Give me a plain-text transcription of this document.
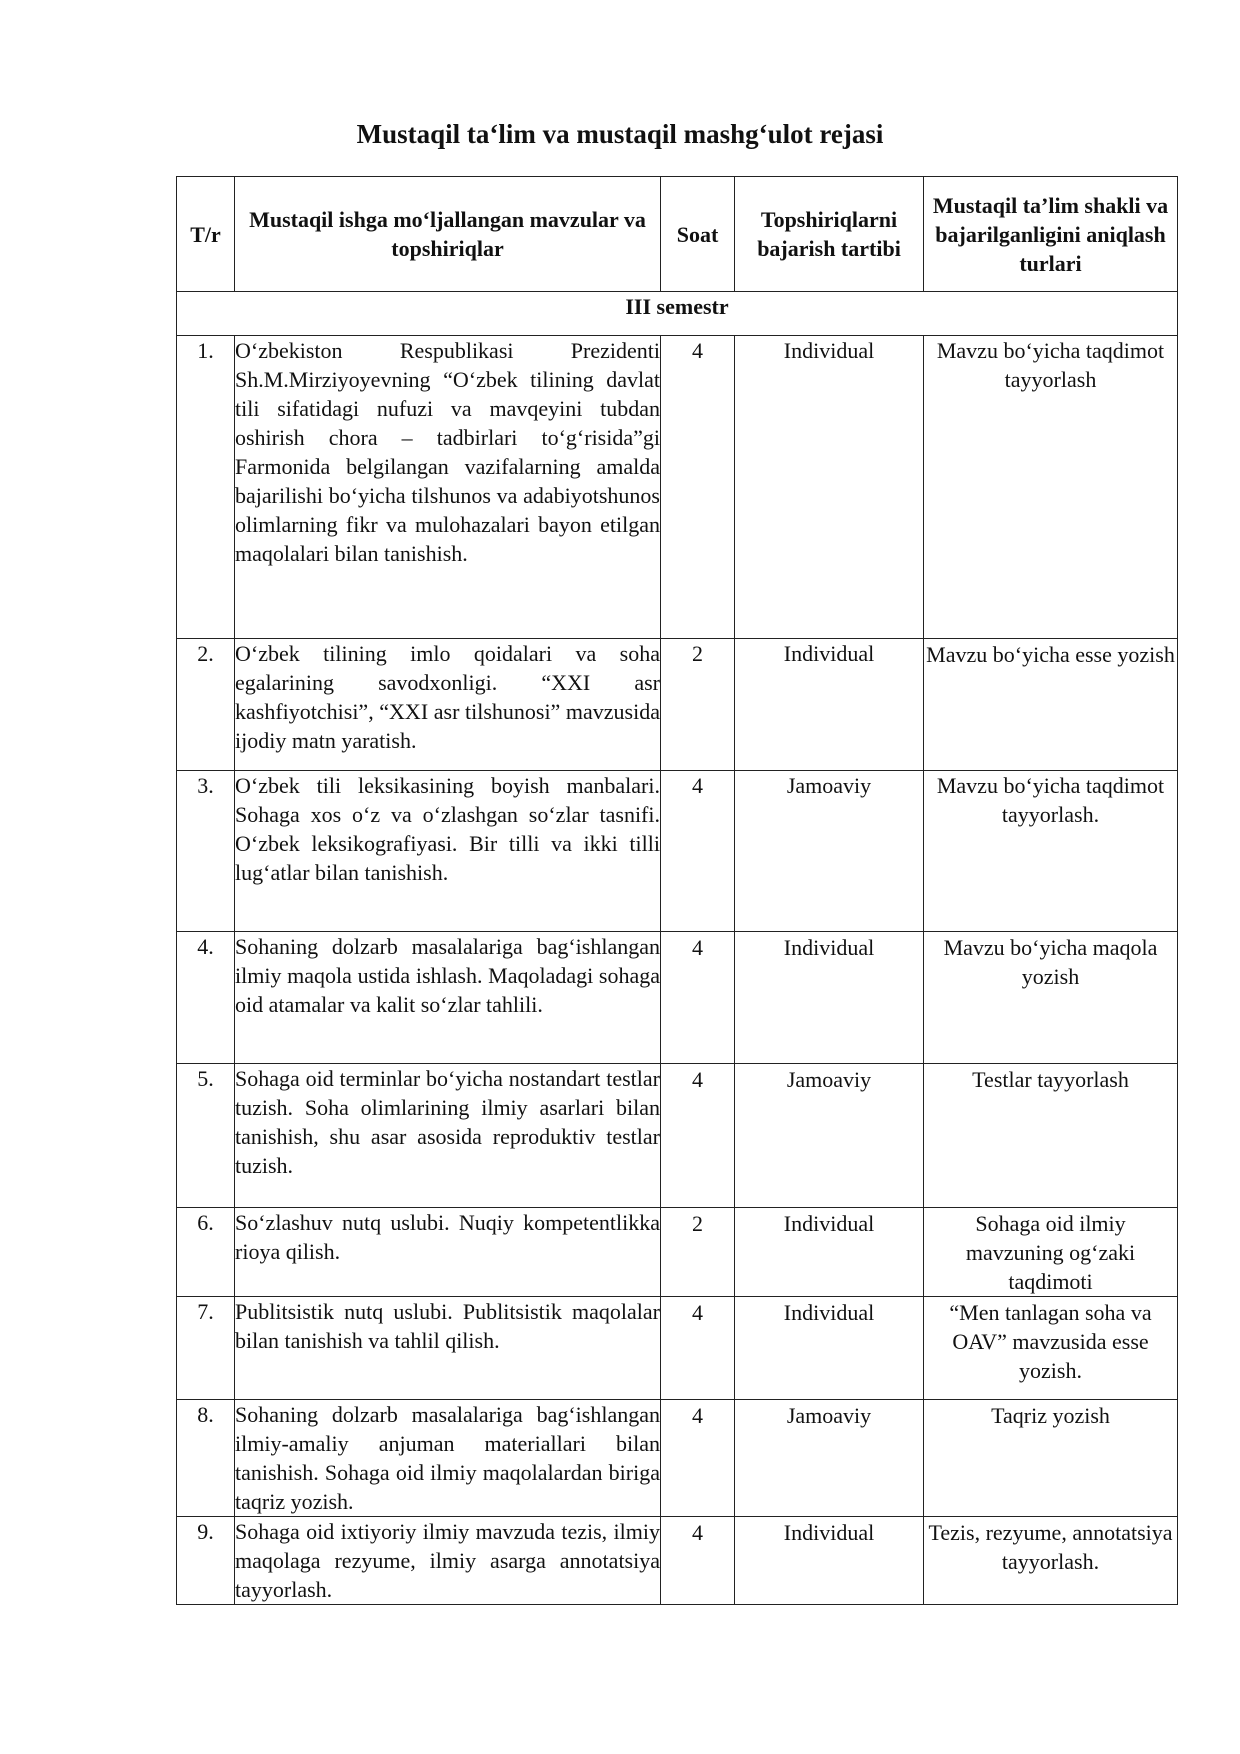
Mustaqil ta‘lim va mustaqil mashg‘ulot rejasi
T/r	Mustaqil ishga mo‘ljallangan mavzular va topshiriqlar	Soat	Topshiriqlarni bajarish tartibi	Mustaqil ta’lim shakli va bajarilganligini aniqlash turlari
III semestr				
1.	O‘zbekiston Respublikasi Prezidenti Sh.M.Mirziyoyevning “O‘zbek tilining davlat tili sifatidagi nufuzi va mavqeyini tubdan oshirish chora – tadbirlari to‘g‘risida”gi Farmonida belgilangan vazifalarning amalda bajarilishi bo‘yicha tilshunos va adabiyotshunos olimlarning fikr va mulohazalari bayon etilgan maqolalari bilan tanishish.	4	Individual	Mavzu bo‘yicha taqdimot tayyorlash
2.	O‘zbek tilining imlo qoidalari va soha egalarining savodxonligi. “XXI asr kashfiyotchisi”, “XXI asr tilshunosi” mavzusida ijodiy matn yaratish.	2	Individual	Mavzu bo‘yicha esse yozish
3.	O‘zbek tili leksikasining boyish manbalari. Sohaga xos o‘z va o‘zlashgan so‘zlar tasnifi. O‘zbek leksikografiyasi. Bir tilli va ikki tilli lug‘atlar bilan tanishish.	4	Jamoaviy	Mavzu bo‘yicha taqdimot tayyorlash.
4.	Sohaning dolzarb masalalariga bag‘ishlangan ilmiy maqola ustida ishlash. Maqoladagi sohaga oid atamalar va kalit so‘zlar tahlili.	4	Individual	Mavzu bo‘yicha maqola yozish
5.	Sohaga oid terminlar bo‘yicha nostandart testlar tuzish. Soha olimlarining ilmiy asarlari bilan tanishish, shu asar asosida reproduktiv testlar tuzish.	4	Jamoaviy	Testlar tayyorlash
6.	So‘zlashuv nutq uslubi. Nuqiy kompetentlikka rioya qilish.	2	Individual	Sohaga oid ilmiy mavzuning og‘zaki taqdimoti
7.	Publitsistik nutq uslubi. Publitsistik maqolalar bilan tanishish va tahlil qilish.	4	Individual	“Men tanlagan soha va OAV” mavzusida esse yozish.
8.	Sohaning dolzarb masalalariga bag‘ishlangan ilmiy-amaliy anjuman materiallari bilan tanishish. Sohaga oid ilmiy maqolalardan biriga taqriz yozish.	4	Jamoaviy	Taqriz yozish
9.	Sohaga oid ixtiyoriy ilmiy mavzuda tezis, ilmiy maqolaga rezyume, ilmiy asarga annotatsiya tayyorlash.	4	Individual	Tezis, rezyume, annotatsiya tayyorlash.
